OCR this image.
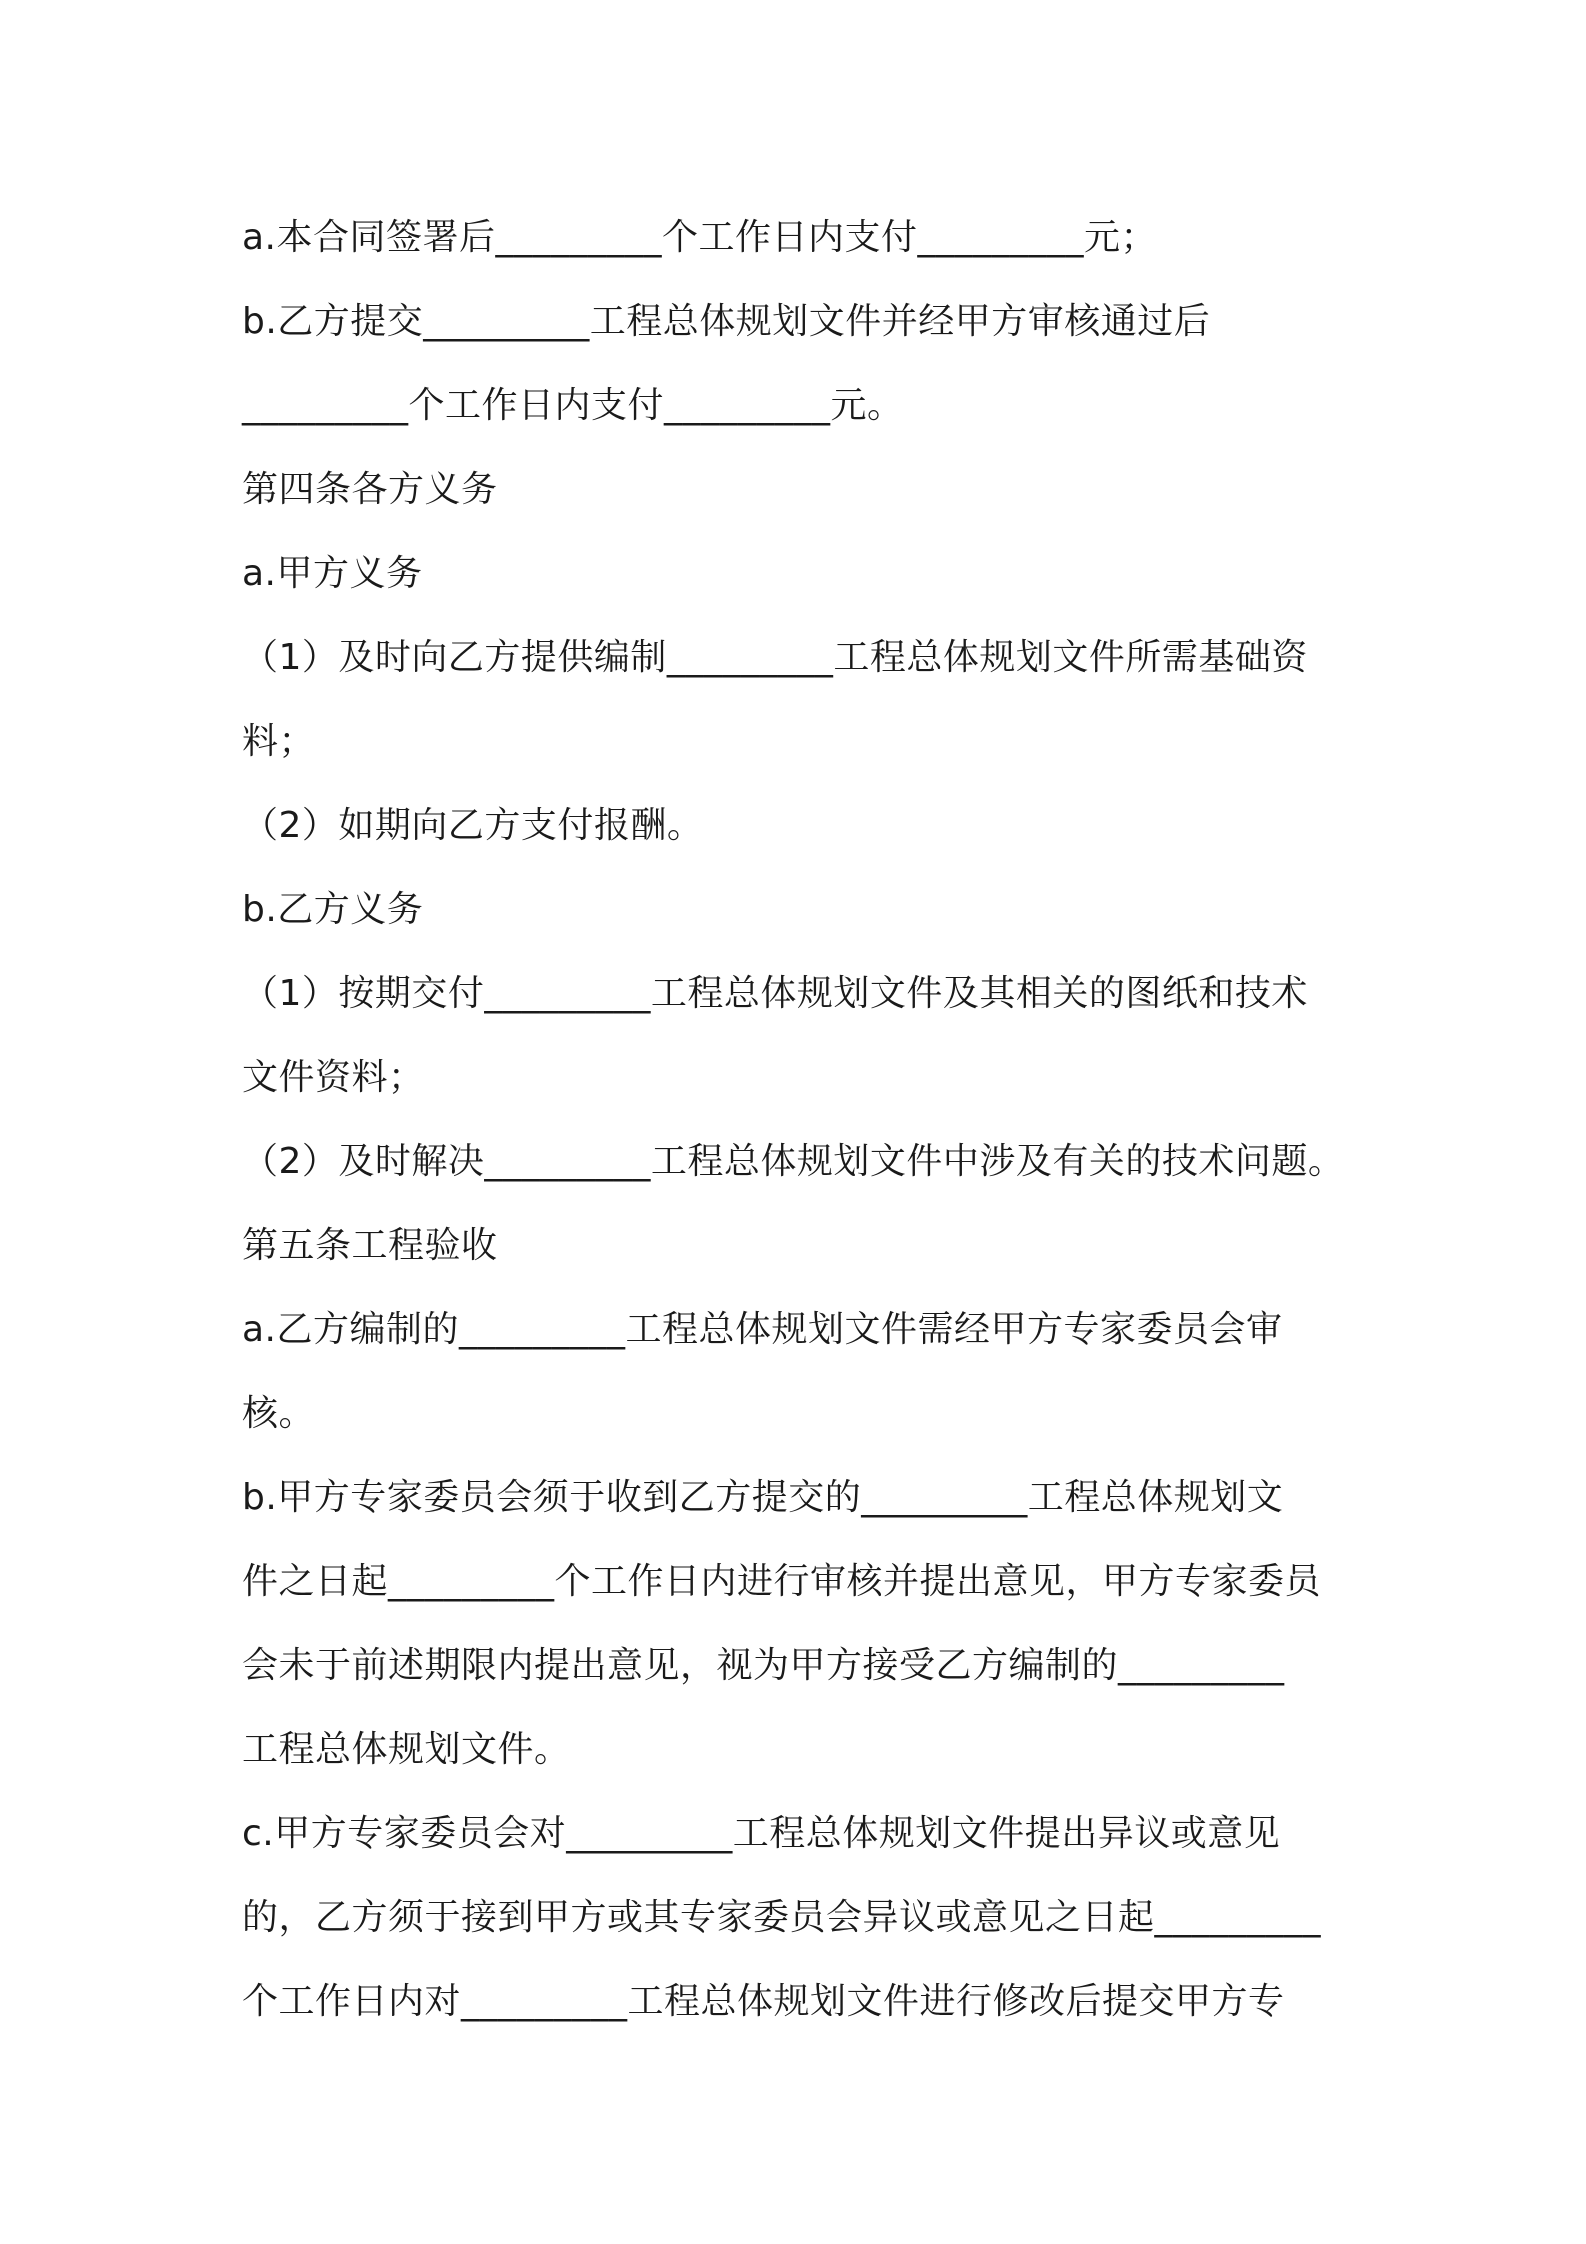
a.本合同签署后_________个工作日内支付_________元；
b.乙方提交_________工程总体规划文件并经甲方审核通过后
_________个工作日内支付_________元。
第四条各方义务
a.甲方义务
（1）及时向乙方提供编制_________工程总体规划文件所需基础资
料；
（2）如期向乙方支付报酬。
b.乙方义务
（1）按期交付_________工程总体规划文件及其相关的图纸和技术
文件资料；
（2）及时解决_________工程总体规划文件中涉及有关的技术问题。
第五条工程验收
a.乙方编制的_________工程总体规划文件需经甲方专家委员会审
核。
b.甲方专家委员会须于收到乙方提交的_________工程总体规划文
件之日起_________个工作日内进行审核并提出意见，甲方专家委员
会未于前述期限内提出意见，视为甲方接受乙方编制的_________
工程总体规划文件。
c.甲方专家委员会对_________工程总体规划文件提出异议或意见
的，乙方须于接到甲方或其专家委员会异议或意见之日起_________
个工作日内对_________工程总体规划文件进行修改后提交甲方专
